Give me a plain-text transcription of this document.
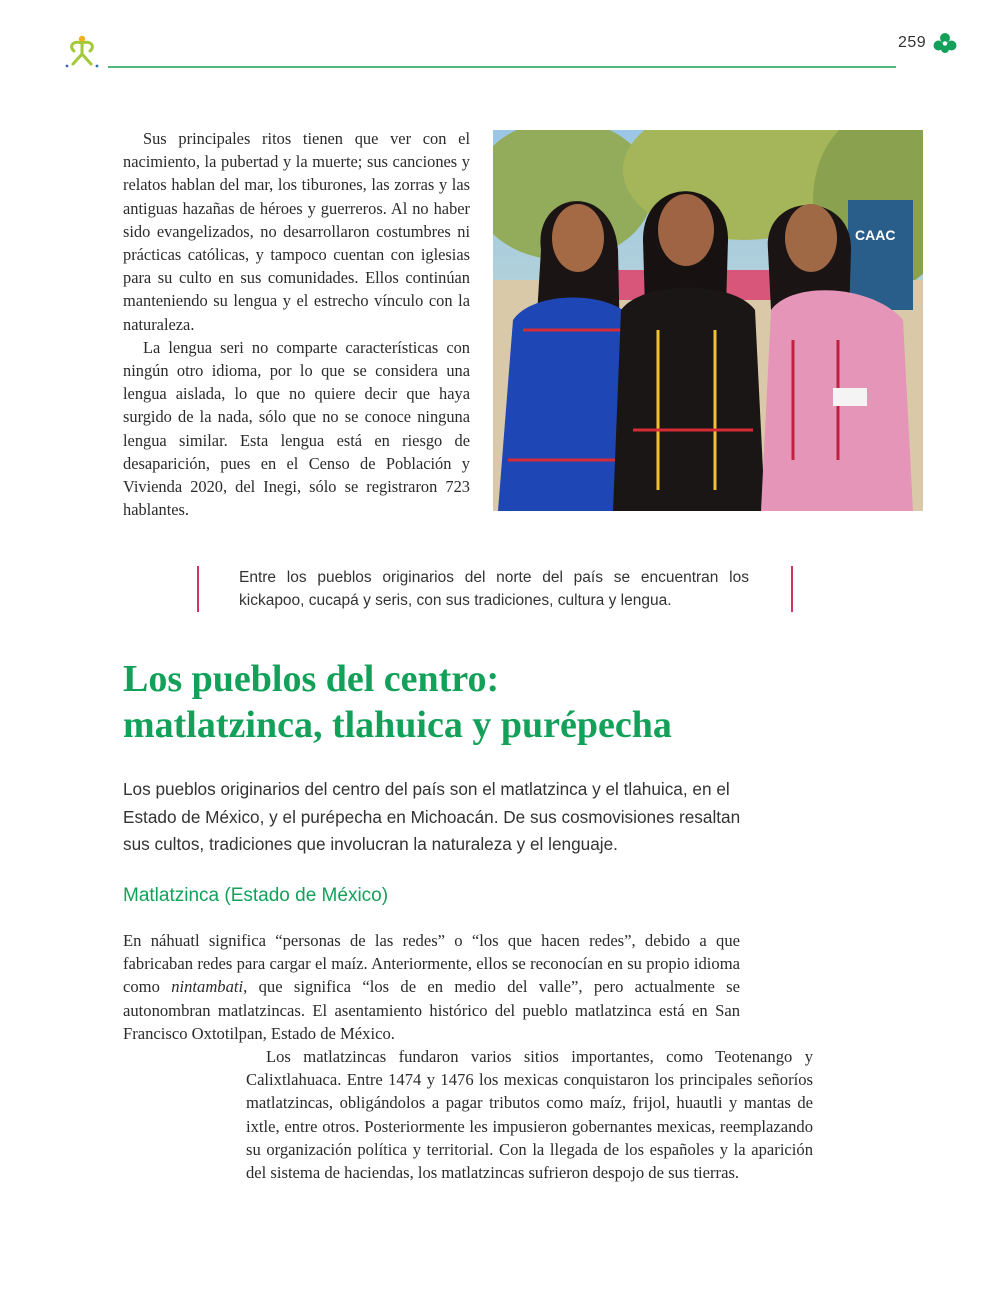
259

Sus principales ritos tienen que ver con el nacimiento, la pubertad y la muerte; sus canciones y relatos hablan del mar, los tiburones, las zorras y las antiguas hazañas de héroes y guerreros. Al no haber sido evangelizados, no desarrollaron costumbres ni prácticas católicas, y tampoco cuentan con iglesias para su culto en sus comunidades. Ellos continúan manteniendo su lengua y el estrecho vínculo con la naturaleza.

La lengua seri no comparte características con ningún otro idioma, por lo que se considera una lengua aislada, lo que no quiere decir que haya surgido de la nada, sólo que no se conoce ninguna lengua similar. Esta lengua está en riesgo de desaparición, pues en el Censo de Población y Vivienda 2020, del Inegi, sólo se registraron 723 hablantes.

CAAC

Entre los pueblos originarios del norte del país se encuentran los kickapoo, cucapá y seris, con sus tradiciones, cultura y lengua.

Los pueblos del centro:
matlatzinca, tlahuica y purépecha

Los pueblos originarios del centro del país son el matlatzinca y el tlahuica, en el Estado de México, y el purépecha en Michoacán. De sus cosmovisiones resaltan sus cultos, tradiciones que involucran la naturaleza y el lenguaje.

Matlatzinca (Estado de México)

En náhuatl significa “personas de las redes” o “los que hacen redes”, debido a que fabricaban redes para cargar el maíz. Anteriormente, ellos se reconocían en su propio idioma como nintambati, que significa “los de en medio del valle”, pero actualmente se autonombran matlatzincas. El asentamiento histórico del pueblo matlatzinca está en San Francisco Oxtotilpan, Estado de México.

Los matlatzincas fundaron varios sitios importantes, como Teotenango y Calixtlahuaca. Entre 1474 y 1476 los mexicas conquistaron los principales señoríos matlatzincas, obligándolos a pagar tributos como maíz, frijol, huautli y mantas de ixtle, entre otros. Posteriormente les impusieron gobernantes mexicas, reemplazando su organización política y territorial. Con la llegada de los españoles y la aparición del sistema de haciendas, los matlatzincas sufrieron despojo de sus tierras.
